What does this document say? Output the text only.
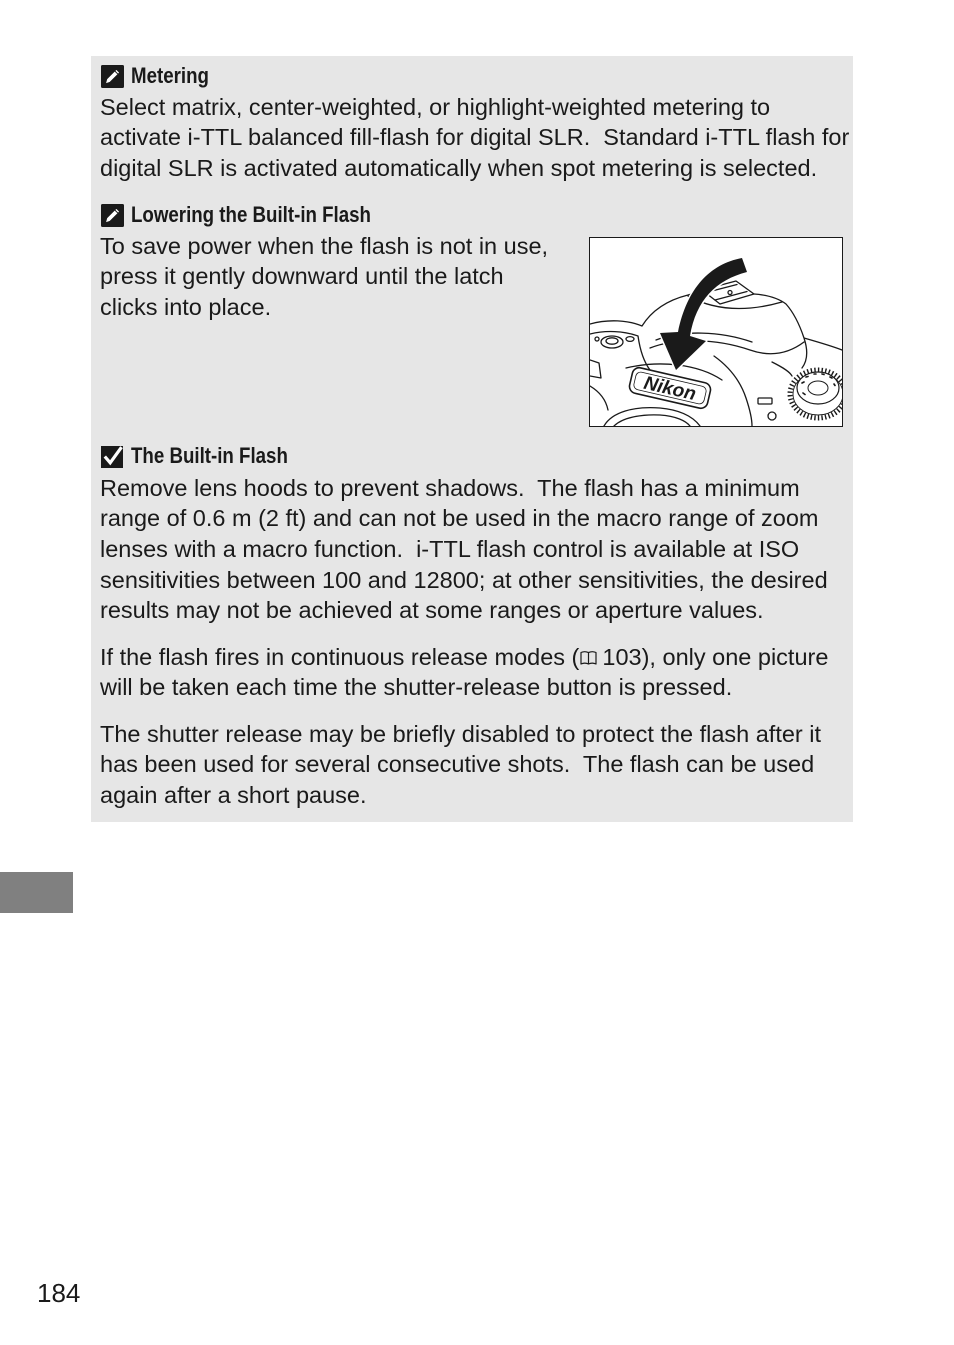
Metering
Select matrix, center-weighted, or highlight-weighted metering to
activate i-TTL balanced fill-flash for digital SLR.  Standard i-TTL flash for
digital SLR is activated automatically when spot metering is selected.
Lowering the Built-in Flash
To save power when the flash is not in use,
press it gently downward until the latch
clicks into place.
Nikon
The Built-in Flash
Remove lens hoods to prevent shadows.  The flash has a minimum
range of 0.6 m (2 ft) and can not be used in the macro range of zoom
lenses with a macro function.  i-TTL flash control is available at ISO
sensitivities between 100 and 12800; at other sensitivities, the desired
results may not be achieved at some ranges or aperture values.
If the flash fires in continuous release modes ( 103 ), only one picture
will be taken each time the shutter-release button is pressed.
The shutter release may be briefly disabled to protect the flash after it
has been used for several consecutive shots.  The flash can be used
again after a short pause.
184
